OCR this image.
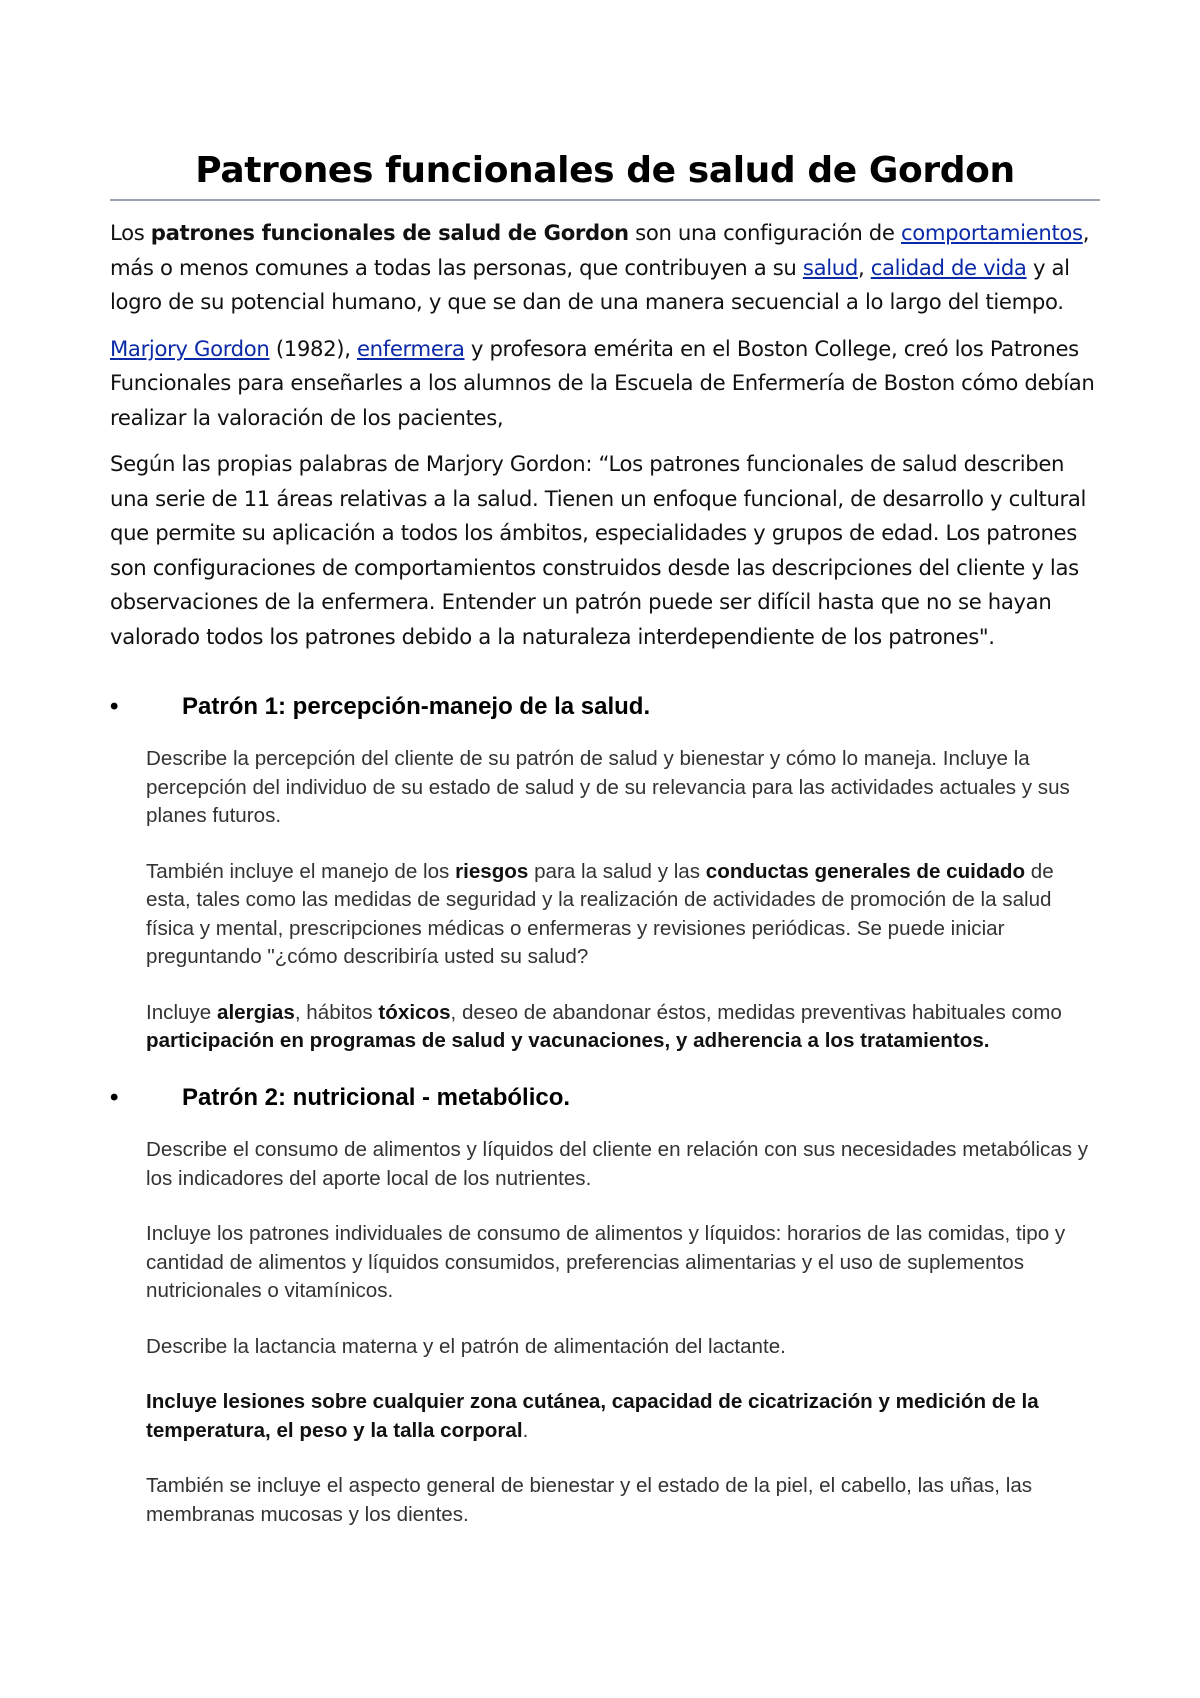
Patrones funcionales de salud de Gordon

Los patrones funcionales de salud de Gordon son una configuración de comportamientos, más o menos comunes a todas las personas, que contribuyen a su salud, calidad de vida y al logro de su potencial humano, y que se dan de una manera secuencial a lo largo del tiempo.

Marjory Gordon (1982), enfermera y profesora emérita en el Boston College, creó los Patrones Funcionales para enseñarles a los alumnos de la Escuela de Enfermería de Boston cómo debían realizar la valoración de los pacientes,

Según las propias palabras de Marjory Gordon: “Los patrones funcionales de salud describen una serie de 11 áreas relativas a la salud. Tienen un enfoque funcional, de desarrollo y cultural que permite su aplicación a todos los ámbitos, especialidades y grupos de edad. Los patrones son configuraciones de comportamientos construidos desde las descripciones del cliente y las observaciones de la enfermera. Entender un patrón puede ser difícil hasta que no se hayan valorado todos los patrones debido a la naturaleza interdependiente de los patrones".

•	Patrón 1: percepción-manejo de la salud.

Describe la percepción del cliente de su patrón de salud y bienestar y cómo lo maneja. Incluye la percepción del individuo de su estado de salud y de su relevancia para las actividades actuales y sus planes futuros.

También incluye el manejo de los riesgos para la salud y las conductas generales de cuidado de esta, tales como las medidas de seguridad y la realización de actividades de promoción de la salud física y mental, prescripciones médicas o enfermeras y revisiones periódicas. Se puede iniciar preguntando "¿cómo describiría usted su salud?

Incluye alergias, hábitos tóxicos, deseo de abandonar éstos, medidas preventivas habituales como participación en programas de salud y vacunaciones, y adherencia a los tratamientos.

•	Patrón 2: nutricional - metabólico.

Describe el consumo de alimentos y líquidos del cliente en relación con sus necesidades metabólicas y los indicadores del aporte local de los nutrientes.

Incluye los patrones individuales de consumo de alimentos y líquidos: horarios de las comidas, tipo y cantidad de alimentos y líquidos consumidos, preferencias alimentarias y el uso de suplementos nutricionales o vitamínicos.

Describe la lactancia materna y el patrón de alimentación del lactante.

Incluye lesiones sobre cualquier zona cutánea, capacidad de cicatrización y medición de la temperatura, el peso y la talla corporal.

También se incluye el aspecto general de bienestar y el estado de la piel, el cabello, las uñas, las membranas mucosas y los dientes.
